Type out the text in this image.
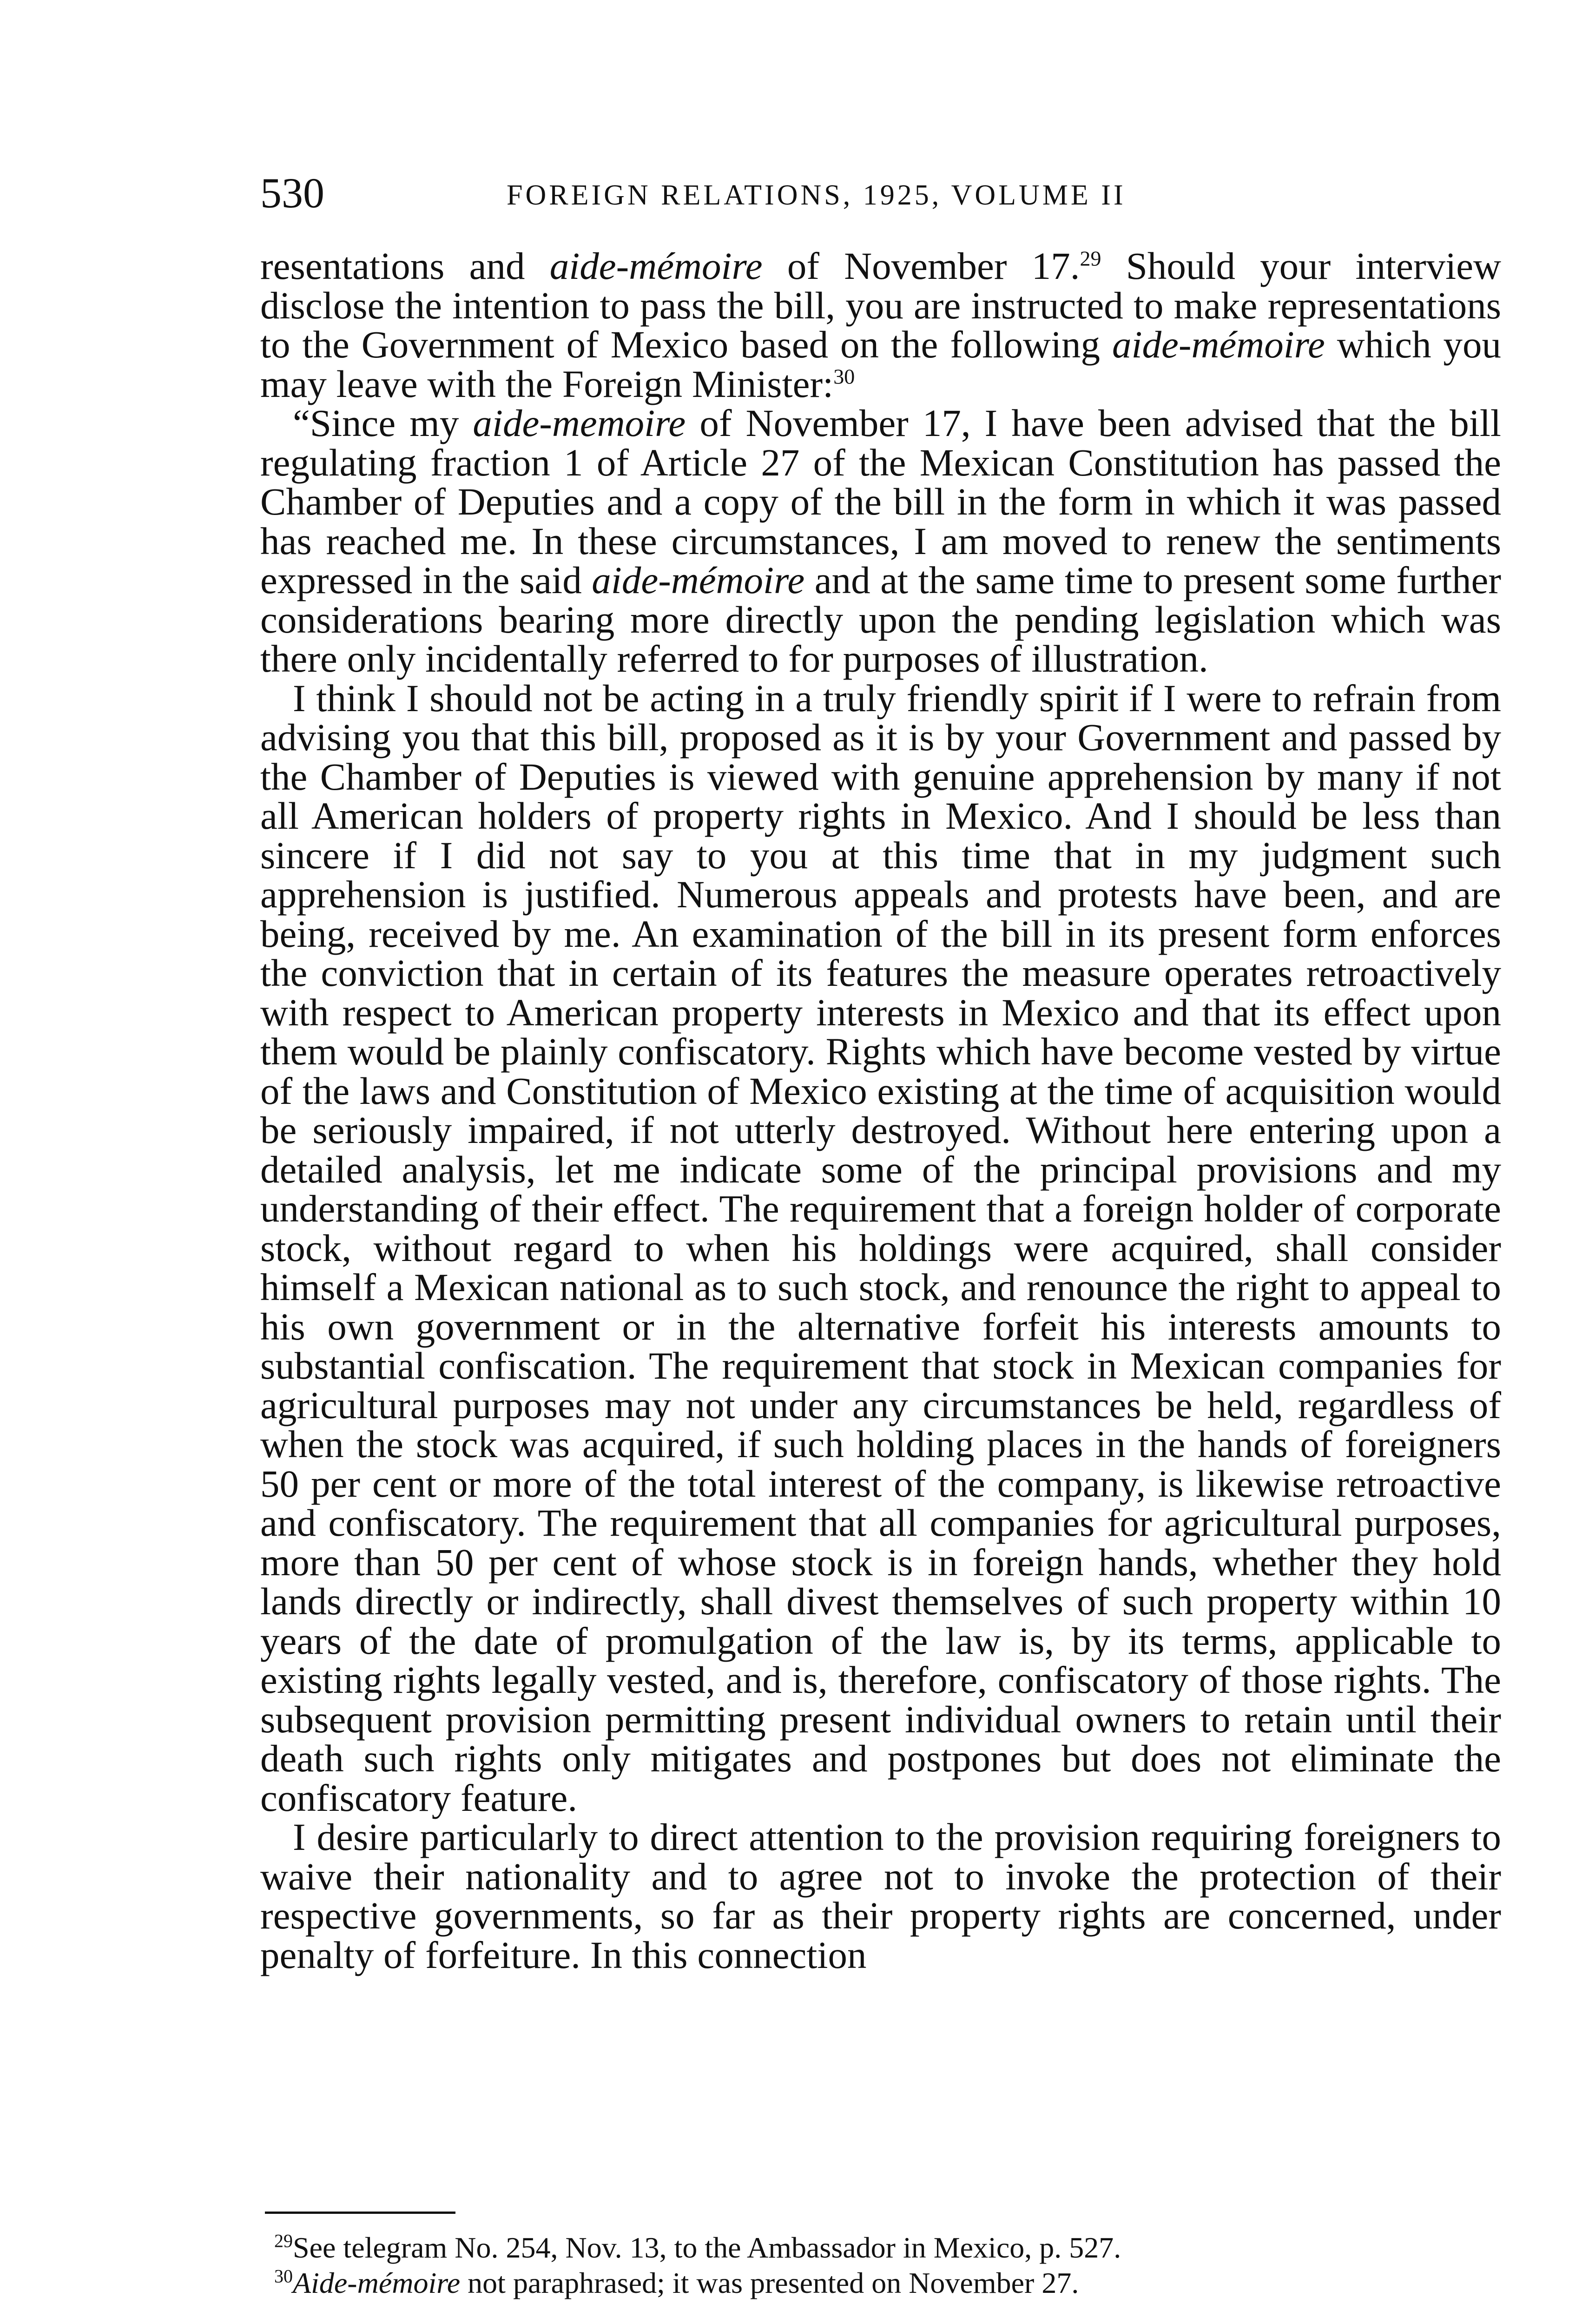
530	FOREIGN RELATIONS, 1925, VOLUME II

resentations and aide-mémoire of November 17.29 Should your interview disclose the intention to pass the bill, you are instructed to make representations to the Government of Mexico based on the following aide-mémoire which you may leave with the Foreign Minister:$^{30}$

“Since my aide-memoire of November 17, I have been advised that the bill regulating fraction 1 of Article 27 of the Mexican Constitution has passed the Chamber of Deputies and a copy of the bill in the form in which it was passed has reached me. In these circumstances, I am moved to renew the sentiments expressed in the said aide-mémoire and at the same time to present some further considerations bearing more directly upon the pending legislation which was there only incidentally referred to for purposes of illustration.

I think I should not be acting in a truly friendly spirit if I were to refrain from advising you that this bill, proposed as it is by your Government and passed by the Chamber of Deputies is viewed with genuine apprehension by many if not all American holders of property rights in Mexico. And I should be less than sincere if I did not say to you at this time that in my judgment such apprehension is justified. Numerous appeals and protests have been, and are being, received by me. An examination of the bill in its present form enforces the conviction that in certain of its features the measure operates retroactively with respect to American property interests in Mexico and that its effect upon them would be plainly confiscatory. Rights which have become vested by virtue of the laws and Constitution of Mexico existing at the time of acquisition would be seriously impaired, if not utterly destroyed. Without here entering upon a detailed analysis, let me indicate some of the principal provisions and my understanding of their effect. The requirement that a foreign holder of corporate stock, without regard to when his holdings were acquired, shall consider himself a Mexican national as to such stock, and renounce the right to appeal to his own government or in the alternative forfeit his interests amounts to substantial confiscation. The requirement that stock in Mexican companies for agricultural purposes may not under any circumstances be held, regardless of when the stock was acquired, if such holding places in the hands of foreigners 50 per cent or more of the total interest of the company, is likewise retroactive and confiscatory. The requirement that all companies for agricultural purposes, more than 50 per cent of whose stock is in foreign hands, whether they hold lands directly or indirectly, shall divest themselves of such property within 10 years of the date of promulgation of the law is, by its terms, applicable to existing rights legally vested, and is, therefore, confiscatory of those rights. The subsequent provision permitting present individual owners to retain until their death such rights only mitigates and postpones but does not eliminate the confiscatory feature.

I desire particularly to direct attention to the provision requiring foreigners to waive their nationality and to agree not to invoke the protection of their respective governments, so far as their property rights are concerned, under penalty of forfeiture. In this connection

$^{29}$See telegram No. 254, Nov. 13, to the Ambassador in Mexico, p. 527.

$^{30}$Aide-mémoire not paraphrased; it was presented on November 27.
